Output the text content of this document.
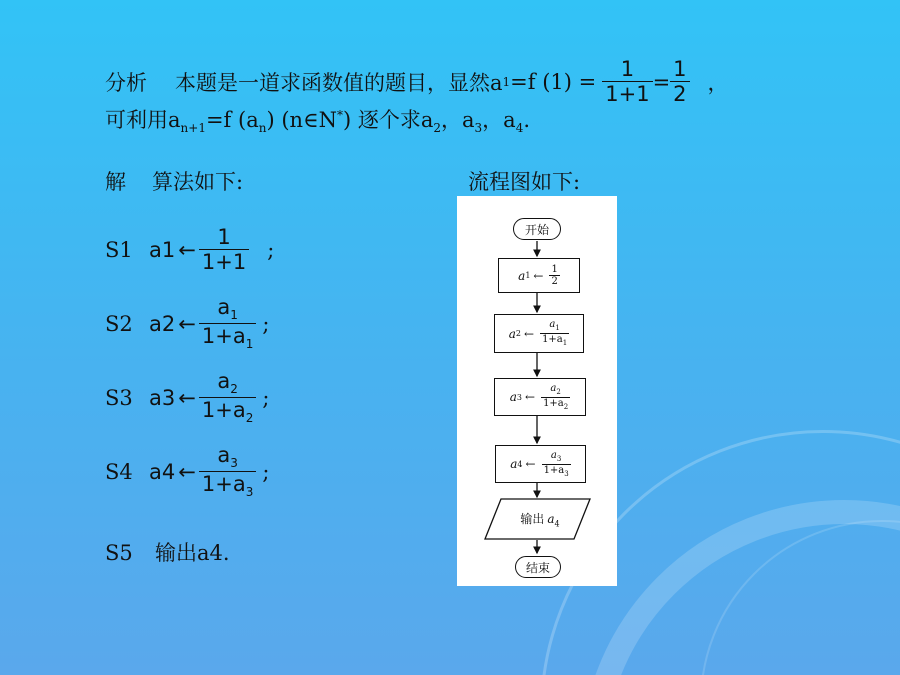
分析 本题是一道求函数值的题目，显然a 1 =f $(1) = \frac{1}{1+1} = \frac{1}{2}$ ，
可利用$a_{n+1}=f$ $(a_n)$ (n∈N*) 逐个求$a_2$，$a_3$，$a_4$.
解 算法如下:	流程图如下:
S1 a 1 ← $\frac{1}{1+1}$ ;
S2 a 2 ← $\frac{a_1}{1+a_1}$ ;
S3 a 3 ← $\frac{a_2}{1+a_2}$ ;
S4 a 4 ← $\frac{a_3}{1+a_3}$ ;
S5 输出a4.
开始
a 1 ← $\frac{1}{2}$
a 2 ← $\frac{a_1}{1+a_1}$
a 3 ← $\frac{a_2}{1+a_2}$
a 4 ← $\frac{a_3}{1+a_3}$
输出 $a_4$
结束
